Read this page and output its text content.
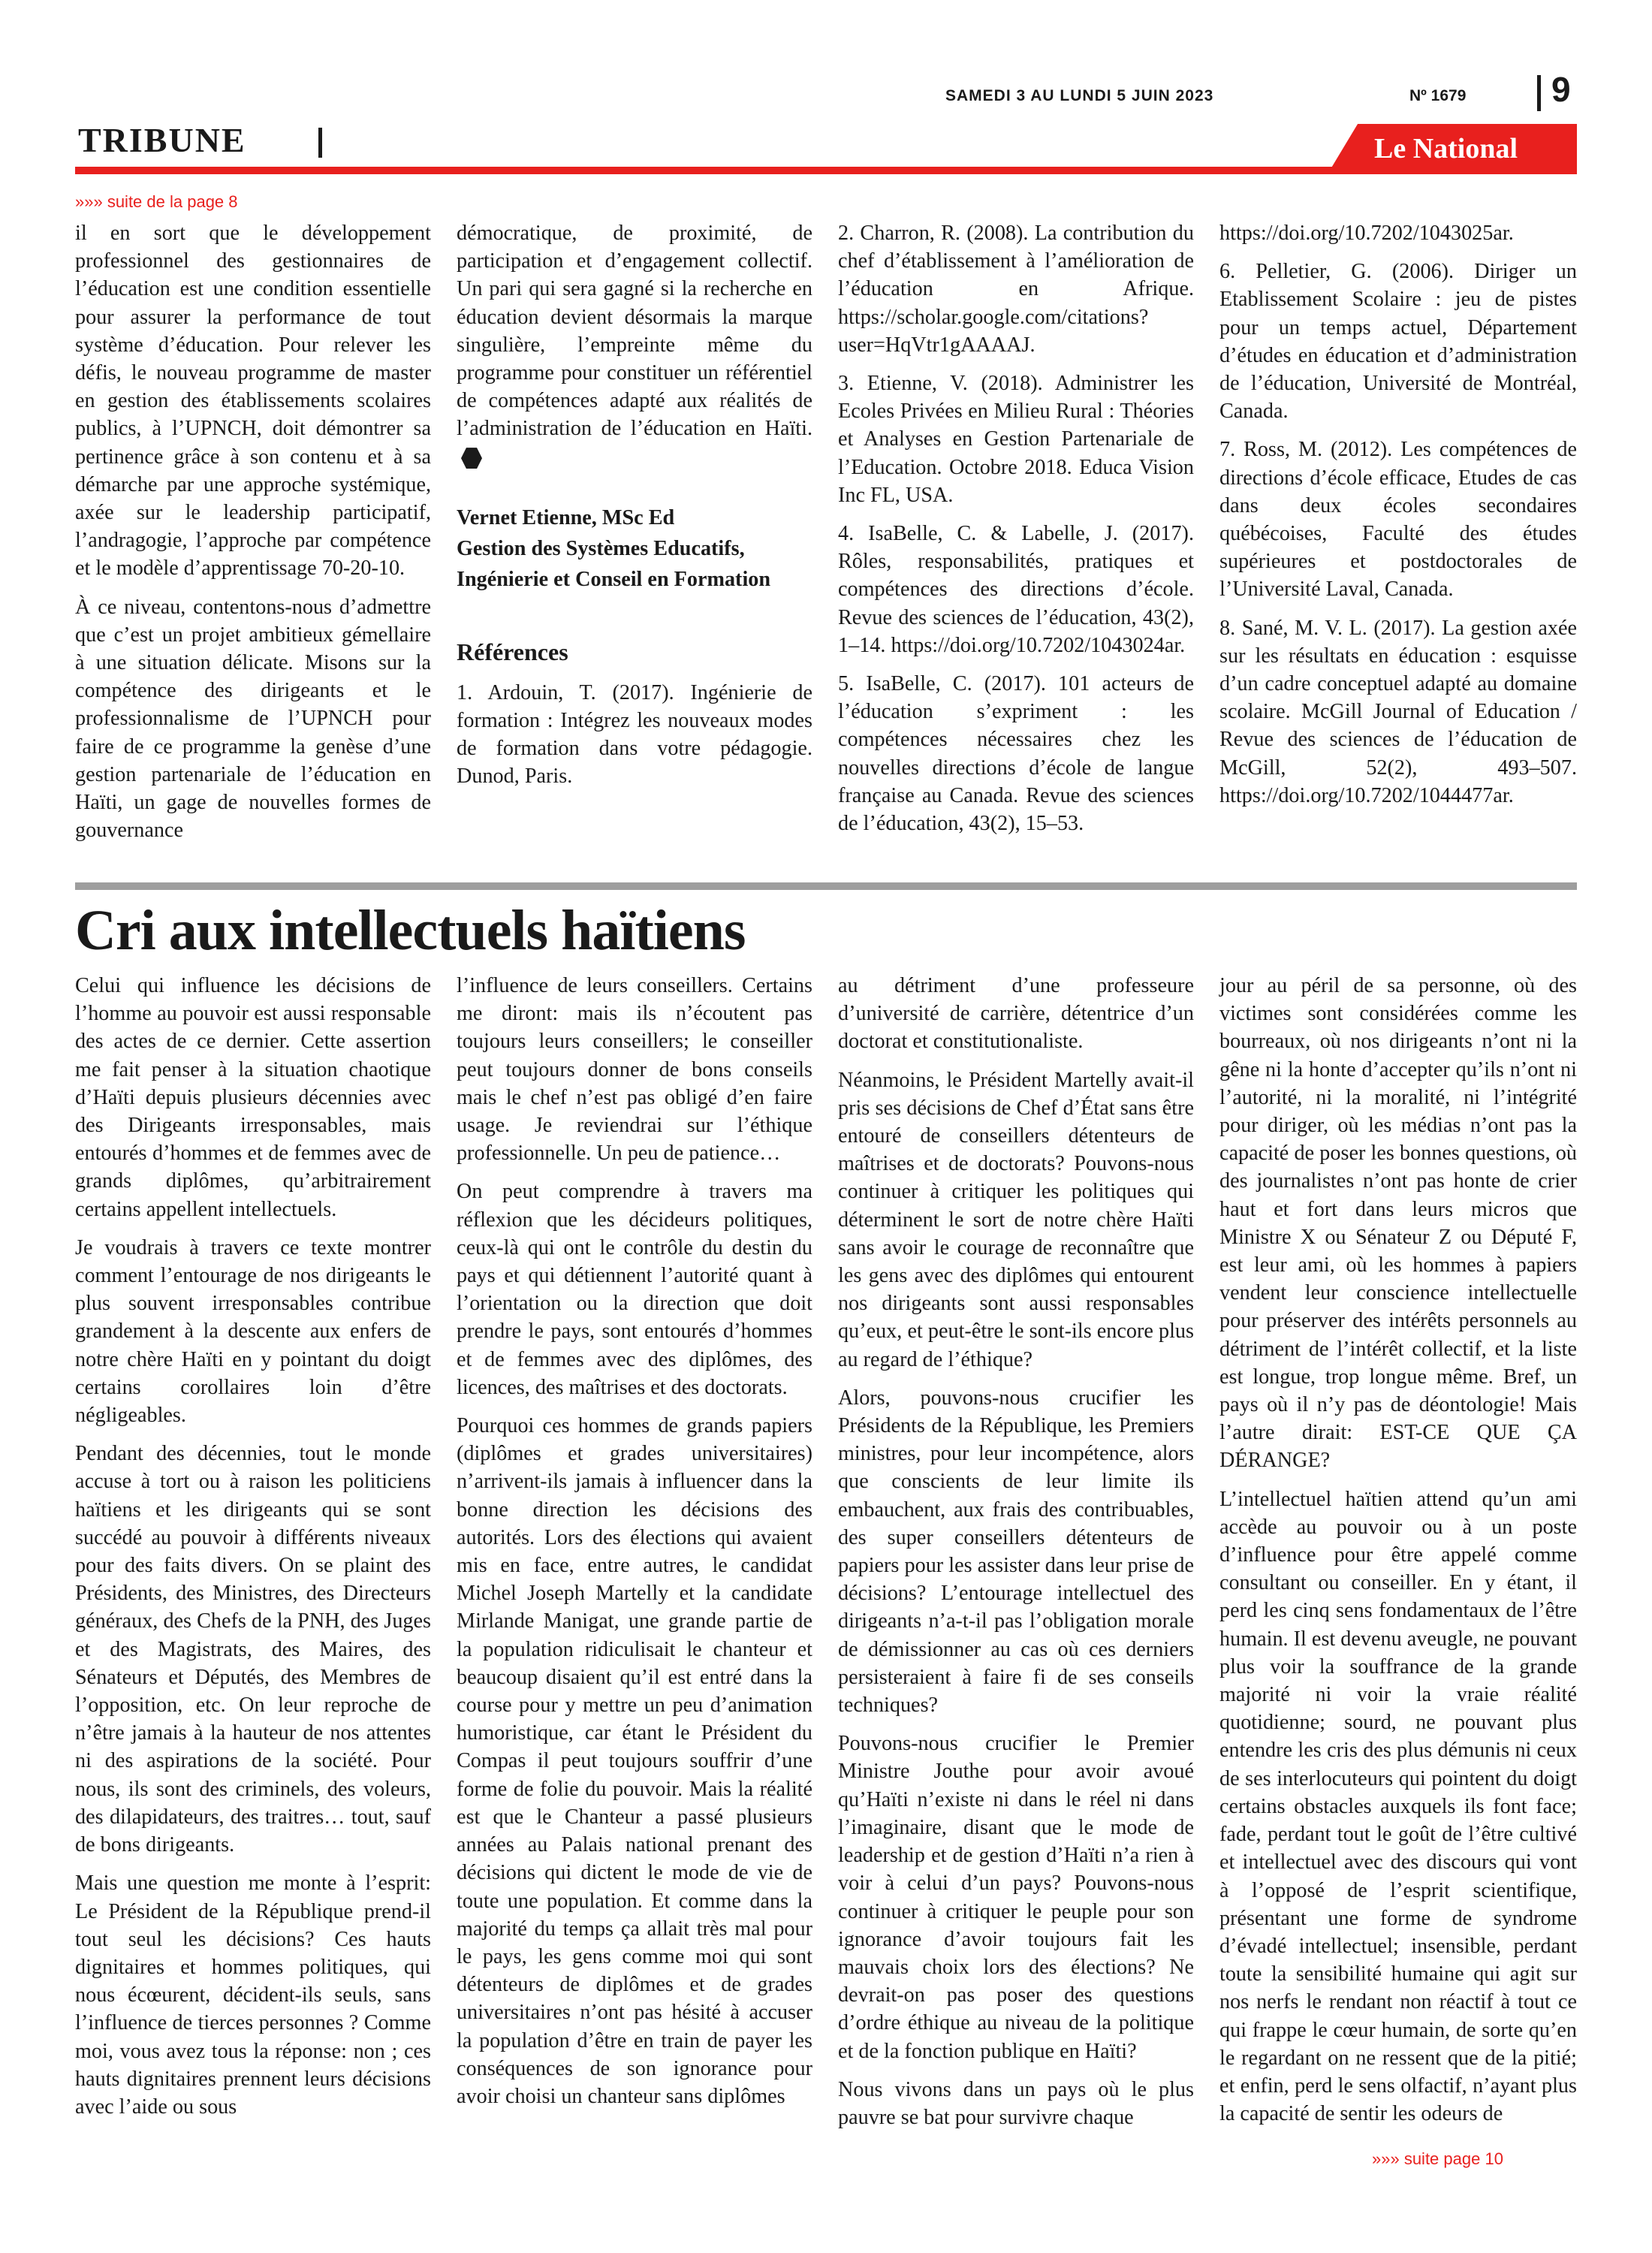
SAMEDI 3 AU LUNDI 5 JUIN 2023	Nº 1679 9
TRIBUNE	Le National
»»» suite de la page 8

il en sort que le développement professionnel des gestionnaires de l’éducation est une condition essentielle pour assurer la performance de tout système d’éducation. Pour relever les défis, le nouveau programme de master en gestion des établissements scolaires publics, à l’UPNCH, doit démontrer sa pertinence grâce à son contenu et à sa démarche par une approche systémique, axée sur le leadership participatif, l’andragogie, l’approche par compétence et le modèle d’apprentissage 70-20-10.

À ce niveau, contentons-nous d’admettre que c’est un projet ambitieux gémellaire à une situation délicate. Misons sur la compétence des dirigeants et le professionnalisme de l’UPNCH pour faire de ce programme la genèse d’une gestion partenariale de l’éducation en Haïti, un gage de nouvelles formes de gouvernance

démocratique, de proximité, de participation et d’engagement collectif. Un pari qui sera gagné si la recherche en éducation devient désormais la marque singulière, l’empreinte même du programme pour constituer un référentiel de compétences adapté aux réalités de l’administration de l’éducation en Haïti.

Vernet Etienne, MSc Ed

Gestion des Systèmes Educatifs,

Ingénierie et Conseil en Formation

Références

1. Ardouin, T. (2017). Ingénierie de formation : Intégrez les nouveaux modes de formation dans votre pédagogie. Dunod, Paris.

2. Charron, R. (2008). La contribution du chef d’établissement à l’amélioration de l’éducation en Afrique. https://scholar.google.com/citations?user=HqVtr1gAAAAJ.

3. Etienne, V. (2018). Administrer les Ecoles Privées en Milieu Rural : Théories et Analyses en Gestion Partenariale de l’Education. Octobre 2018. Educa Vision Inc FL, USA.

4. IsaBelle, C. & Labelle, J. (2017). Rôles, responsabilités, pratiques et compétences des directions d’école. Revue des sciences de l’éducation, 43(2), 1–14. https://doi.org/10.7202/1043024ar.

5. IsaBelle, C. (2017). 101 acteurs de l’éducation s’expriment : les compétences nécessaires chez les nouvelles directions d’école de langue française au Canada. Revue des sciences de l’éducation, 43(2), 15–53.

https://doi.org/10.7202/1043025ar.

6. Pelletier, G. (2006). Diriger un Etablissement Scolaire : jeu de pistes pour un temps actuel, Département d’études en éducation et d’administration de l’éducation, Université de Montréal, Canada.

7. Ross, M. (2012). Les compétences de directions d’école efficace, Etudes de cas dans deux écoles secondaires québécoises, Faculté des études supérieures et postdoctorales de l’Université Laval, Canada.

8. Sané, M. V. L. (2017). La gestion axée sur les résultats en éducation : esquisse d’un cadre conceptuel adapté au domaine scolaire. McGill Journal of Education / Revue des sciences de l’éducation de McGill, 52(2), 493–507. https://doi.org/10.7202/1044477ar.

Cri aux intellectuels haïtiens

Celui qui influence les décisions de l’homme au pouvoir est aussi responsable des actes de ce dernier. Cette assertion me fait penser à la situation chaotique d’Haïti depuis plusieurs décennies avec des Dirigeants irresponsables, mais entourés d’hommes et de femmes avec de grands diplômes, qu’arbitrairement certains appellent intellectuels.

Je voudrais à travers ce texte montrer comment l’entourage de nos dirigeants le plus souvent irresponsables contribue grandement à la descente aux enfers de notre chère Haïti en y pointant du doigt certains corollaires loin d’être négligeables.

Pendant des décennies, tout le monde accuse à tort ou à raison les politiciens haïtiens et les dirigeants qui se sont succédé au pouvoir à différents niveaux pour des faits divers. On se plaint des Présidents, des Ministres, des Directeurs généraux, des Chefs de la PNH, des Juges et des Magistrats, des Maires, des Sénateurs et Députés, des Membres de l’opposition, etc. On leur reproche de n’être jamais à la hauteur de nos attentes ni des aspirations de la société. Pour nous, ils sont des criminels, des voleurs, des dilapidateurs, des traitres… tout, sauf de bons dirigeants.

Mais une question me monte à l’esprit: Le Président de la République prend-il tout seul les décisions? Ces hauts dignitaires et hommes politiques, qui nous écœurent, décident-ils seuls, sans l’influence de tierces personnes ? Comme moi, vous avez tous la réponse: non ; ces hauts dignitaires prennent leurs décisions avec l’aide ou sous

l’influence de leurs conseillers. Certains me diront: mais ils n’écoutent pas toujours leurs conseillers; le conseiller peut toujours donner de bons conseils mais le chef n’est pas obligé d’en faire usage. Je reviendrai sur l’éthique professionnelle. Un peu de patience…

On peut comprendre à travers ma réflexion que les décideurs politiques, ceux-là qui ont le contrôle du destin du pays et qui détiennent l’autorité quant à l’orientation ou la direction que doit prendre le pays, sont entourés d’hommes et de femmes avec des diplômes, des licences, des maîtrises et des doctorats.

Pourquoi ces hommes de grands papiers (diplômes et grades universitaires) n’arrivent-ils jamais à influencer dans la bonne direction les décisions des autorités. Lors des élections qui avaient mis en face, entre autres, le candidat Michel Joseph Martelly et la candidate Mirlande Manigat, une grande partie de la population ridiculisait le chanteur et beaucoup disaient qu’il est entré dans la course pour y mettre un peu d’animation humoristique, car étant le Président du Compas il peut toujours souffrir d’une forme de folie du pouvoir. Mais la réalité est que le Chanteur a passé plusieurs années au Palais national prenant des décisions qui dictent le mode de vie de toute une population. Et comme dans la majorité du temps ça allait très mal pour le pays, les gens comme moi qui sont détenteurs de diplômes et de grades universitaires n’ont pas hésité à accuser la population d’être en train de payer les conséquences de son ignorance pour avoir choisi un chanteur sans diplômes

au détriment d’une professeure d’université de carrière, détentrice d’un doctorat et constitutionaliste.

Néanmoins, le Président Martelly avait-il pris ses décisions de Chef d’État sans être entouré de conseillers détenteurs de maîtrises et de doctorats? Pouvons-nous continuer à critiquer les politiques qui déterminent le sort de notre chère Haïti sans avoir le courage de reconnaître que les gens avec des diplômes qui entourent nos dirigeants sont aussi responsables qu’eux, et peut-être le sont-ils encore plus au regard de l’éthique?

Alors, pouvons-nous crucifier les Présidents de la République, les Premiers ministres, pour leur incompétence, alors que conscients de leur limite ils embauchent, aux frais des contribuables, des super conseillers détenteurs de papiers pour les assister dans leur prise de décisions? L’entourage intellectuel des dirigeants n’a-t-il pas l’obligation morale de démissionner au cas où ces derniers persisteraient à faire fi de ses conseils techniques?

Pouvons-nous crucifier le Premier Ministre Jouthe pour avoir avoué qu’Haïti n’existe ni dans le réel ni dans l’imaginaire, disant que le mode de leadership et de gestion d’Haïti n’a rien à voir à celui d’un pays? Pouvons-nous continuer à critiquer le peuple pour son ignorance d’avoir toujours fait les mauvais choix lors des élections? Ne devrait-on pas poser des questions d’ordre éthique au niveau de la politique et de la fonction publique en Haïti?

Nous vivons dans un pays où le plus pauvre se bat pour survivre chaque

jour au péril de sa personne, où des victimes sont considérées comme les bourreaux, où nos dirigeants n’ont ni la gêne ni la honte d’accepter qu’ils n’ont ni l’autorité, ni la moralité, ni l’intégrité pour diriger, où les médias n’ont pas la capacité de poser les bonnes questions, où des journalistes n’ont pas honte de crier haut et fort dans leurs micros que Ministre X ou Sénateur Z ou Député F, est leur ami, où les hommes à papiers vendent leur conscience intellectuelle pour préserver des intérêts personnels au détriment de l’intérêt collectif, et la liste est longue, trop longue même. Bref, un pays où il n’y pas de déontologie! Mais l’autre dirait: EST-CE QUE ÇA DÉRANGE?

L’intellectuel haïtien attend qu’un ami accède au pouvoir ou à un poste d’influence pour être appelé comme consultant ou conseiller. En y étant, il perd les cinq sens fondamentaux de l’être humain. Il est devenu aveugle, ne pouvant plus voir la souffrance de la grande majorité ni voir la vraie réalité quotidienne; sourd, ne pouvant plus entendre les cris des plus démunis ni ceux de ses interlocuteurs qui pointent du doigt certains obstacles auxquels ils font face; fade, perdant tout le goût de l’être cultivé et intellectuel avec des discours qui vont à l’opposé de l’esprit scientifique, présentant une forme de syndrome d’évadé intellectuel; insensible, perdant toute la sensibilité humaine qui agit sur nos nerfs le rendant non réactif à tout ce qui frappe le cœur humain, de sorte qu’en le regardant on ne ressent que de la pitié; et enfin, perd le sens olfactif, n’ayant plus la capacité de sentir les odeurs de

»»» suite page 10
